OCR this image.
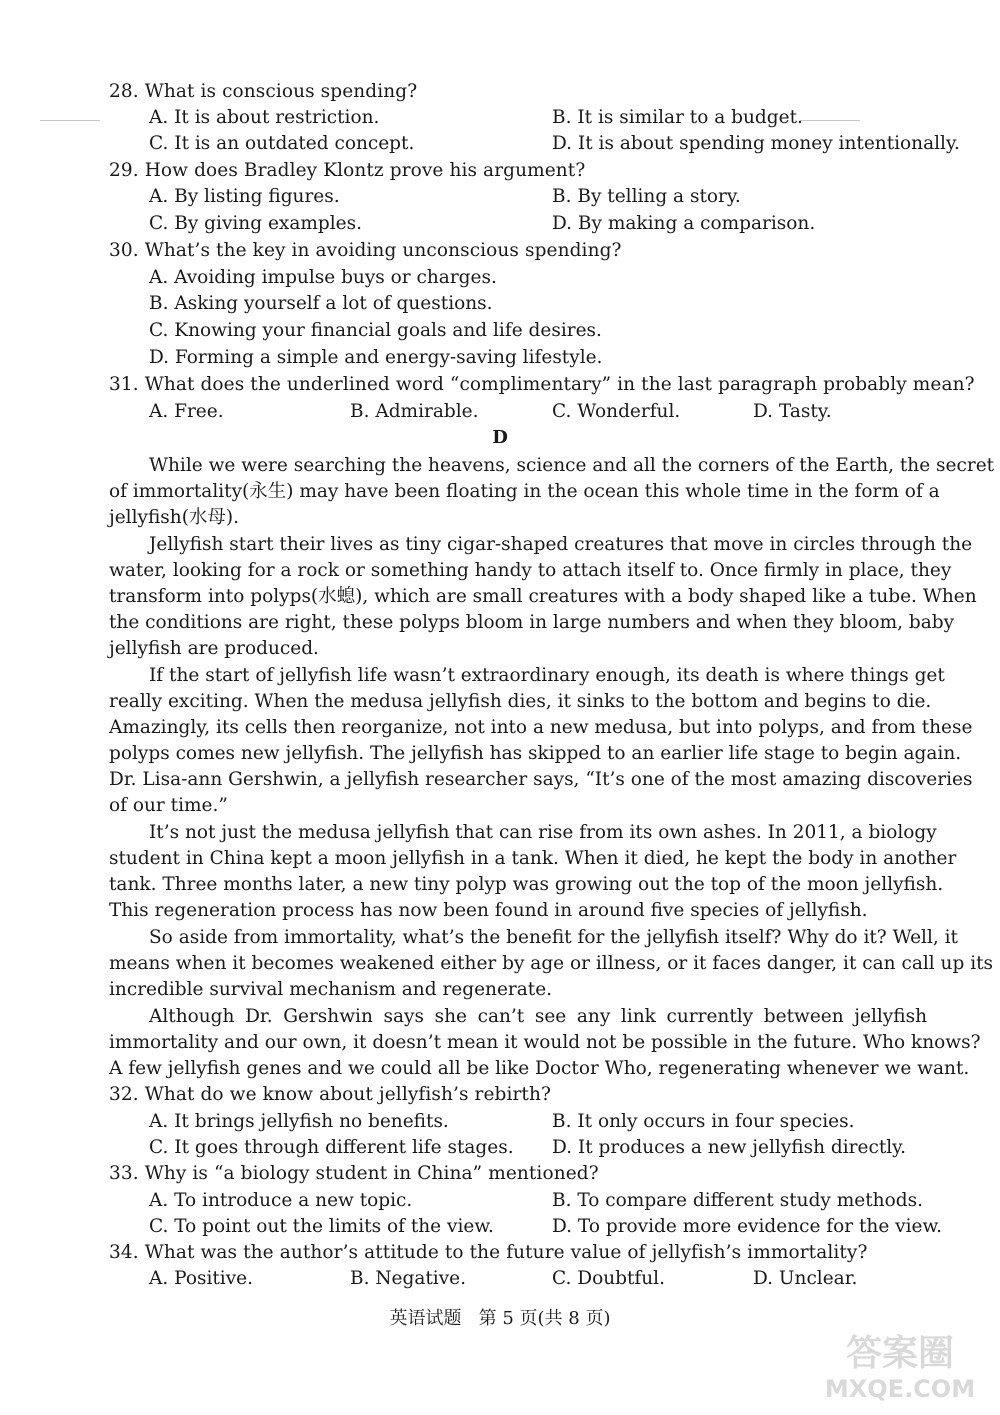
28. What is conscious spending?
A. It is about restriction.	B. It is similar to a budget.
C. It is an outdated concept.	D. It is about spending money intentionally.
29. How does Bradley Klontz prove his argument?
A. By listing figures.	B. By telling a story.
C. By giving examples.	D. By making a comparison.
30. What’s the key in avoiding unconscious spending?
A. Avoiding impulse buys or charges.
B. Asking yourself a lot of questions.
C. Knowing your financial goals and life desires.
D. Forming a simple and energy-saving lifestyle.
31. What does the underlined word “complimentary” in the last paragraph probably mean?
A. Free.	B. Admirable.	C. Wonderful.	D. Tasty.
D
While we were searching the heavens, science and all the corners of the Earth, the secret
of immortality(永生) may have been floating in the ocean this whole time in the form of a
jellyfish(水母).
Jellyfish start their lives as tiny cigar-shaped creatures that move in circles through the
water, looking for a rock or something handy to attach itself to. Once firmly in place, they
transform into polyps(水螅), which are small creatures with a body shaped like a tube. When
the conditions are right, these polyps bloom in large numbers and when they bloom, baby
jellyfish are produced.
If the start of jellyfish life wasn’t extraordinary enough, its death is where things get
really exciting. When the medusa jellyfish dies, it sinks to the bottom and begins to die.
Amazingly, its cells then reorganize, not into a new medusa, but into polyps, and from these
polyps comes new jellyfish. The jellyfish has skipped to an earlier life stage to begin again.
Dr. Lisa-ann Gershwin, a jellyfish researcher says, “It’s one of the most amazing discoveries
of our time.”
It’s not just the medusa jellyfish that can rise from its own ashes. In 2011, a biology
student in China kept a moon jellyfish in a tank. When it died, he kept the body in another
tank. Three months later, a new tiny polyp was growing out the top of the moon jellyfish.
This regeneration process has now been found in around five species of jellyfish.
So aside from immortality, what’s the benefit for the jellyfish itself? Why do it? Well, it
means when it becomes weakened either by age or illness, or it faces danger, it can call up its
incredible survival mechanism and regenerate.
Although Dr. Gershwin says she can’t see any link currently between jellyfish
immortality and our own, it doesn’t mean it would not be possible in the future. Who knows?
A few jellyfish genes and we could all be like Doctor Who, regenerating whenever we want.
32. What do we know about jellyfish’s rebirth?
A. It brings jellyfish no benefits.	B. It only occurs in four species.
C. It goes through different life stages. D. It produces a new jellyfish directly.
33. Why is “a biology student in China” mentioned?
A. To introduce a new topic.	B. To compare different study methods.
C. To point out the limits of the view.	D. To provide more evidence for the view.
34. What was the author’s attitude to the future value of jellyfish’s immortality?
A. Positive.	B. Negative.	C. Doubtful.	D. Unclear.
英语试题   第 5 页(共 8 页)
答案圈
MXQE.COM
